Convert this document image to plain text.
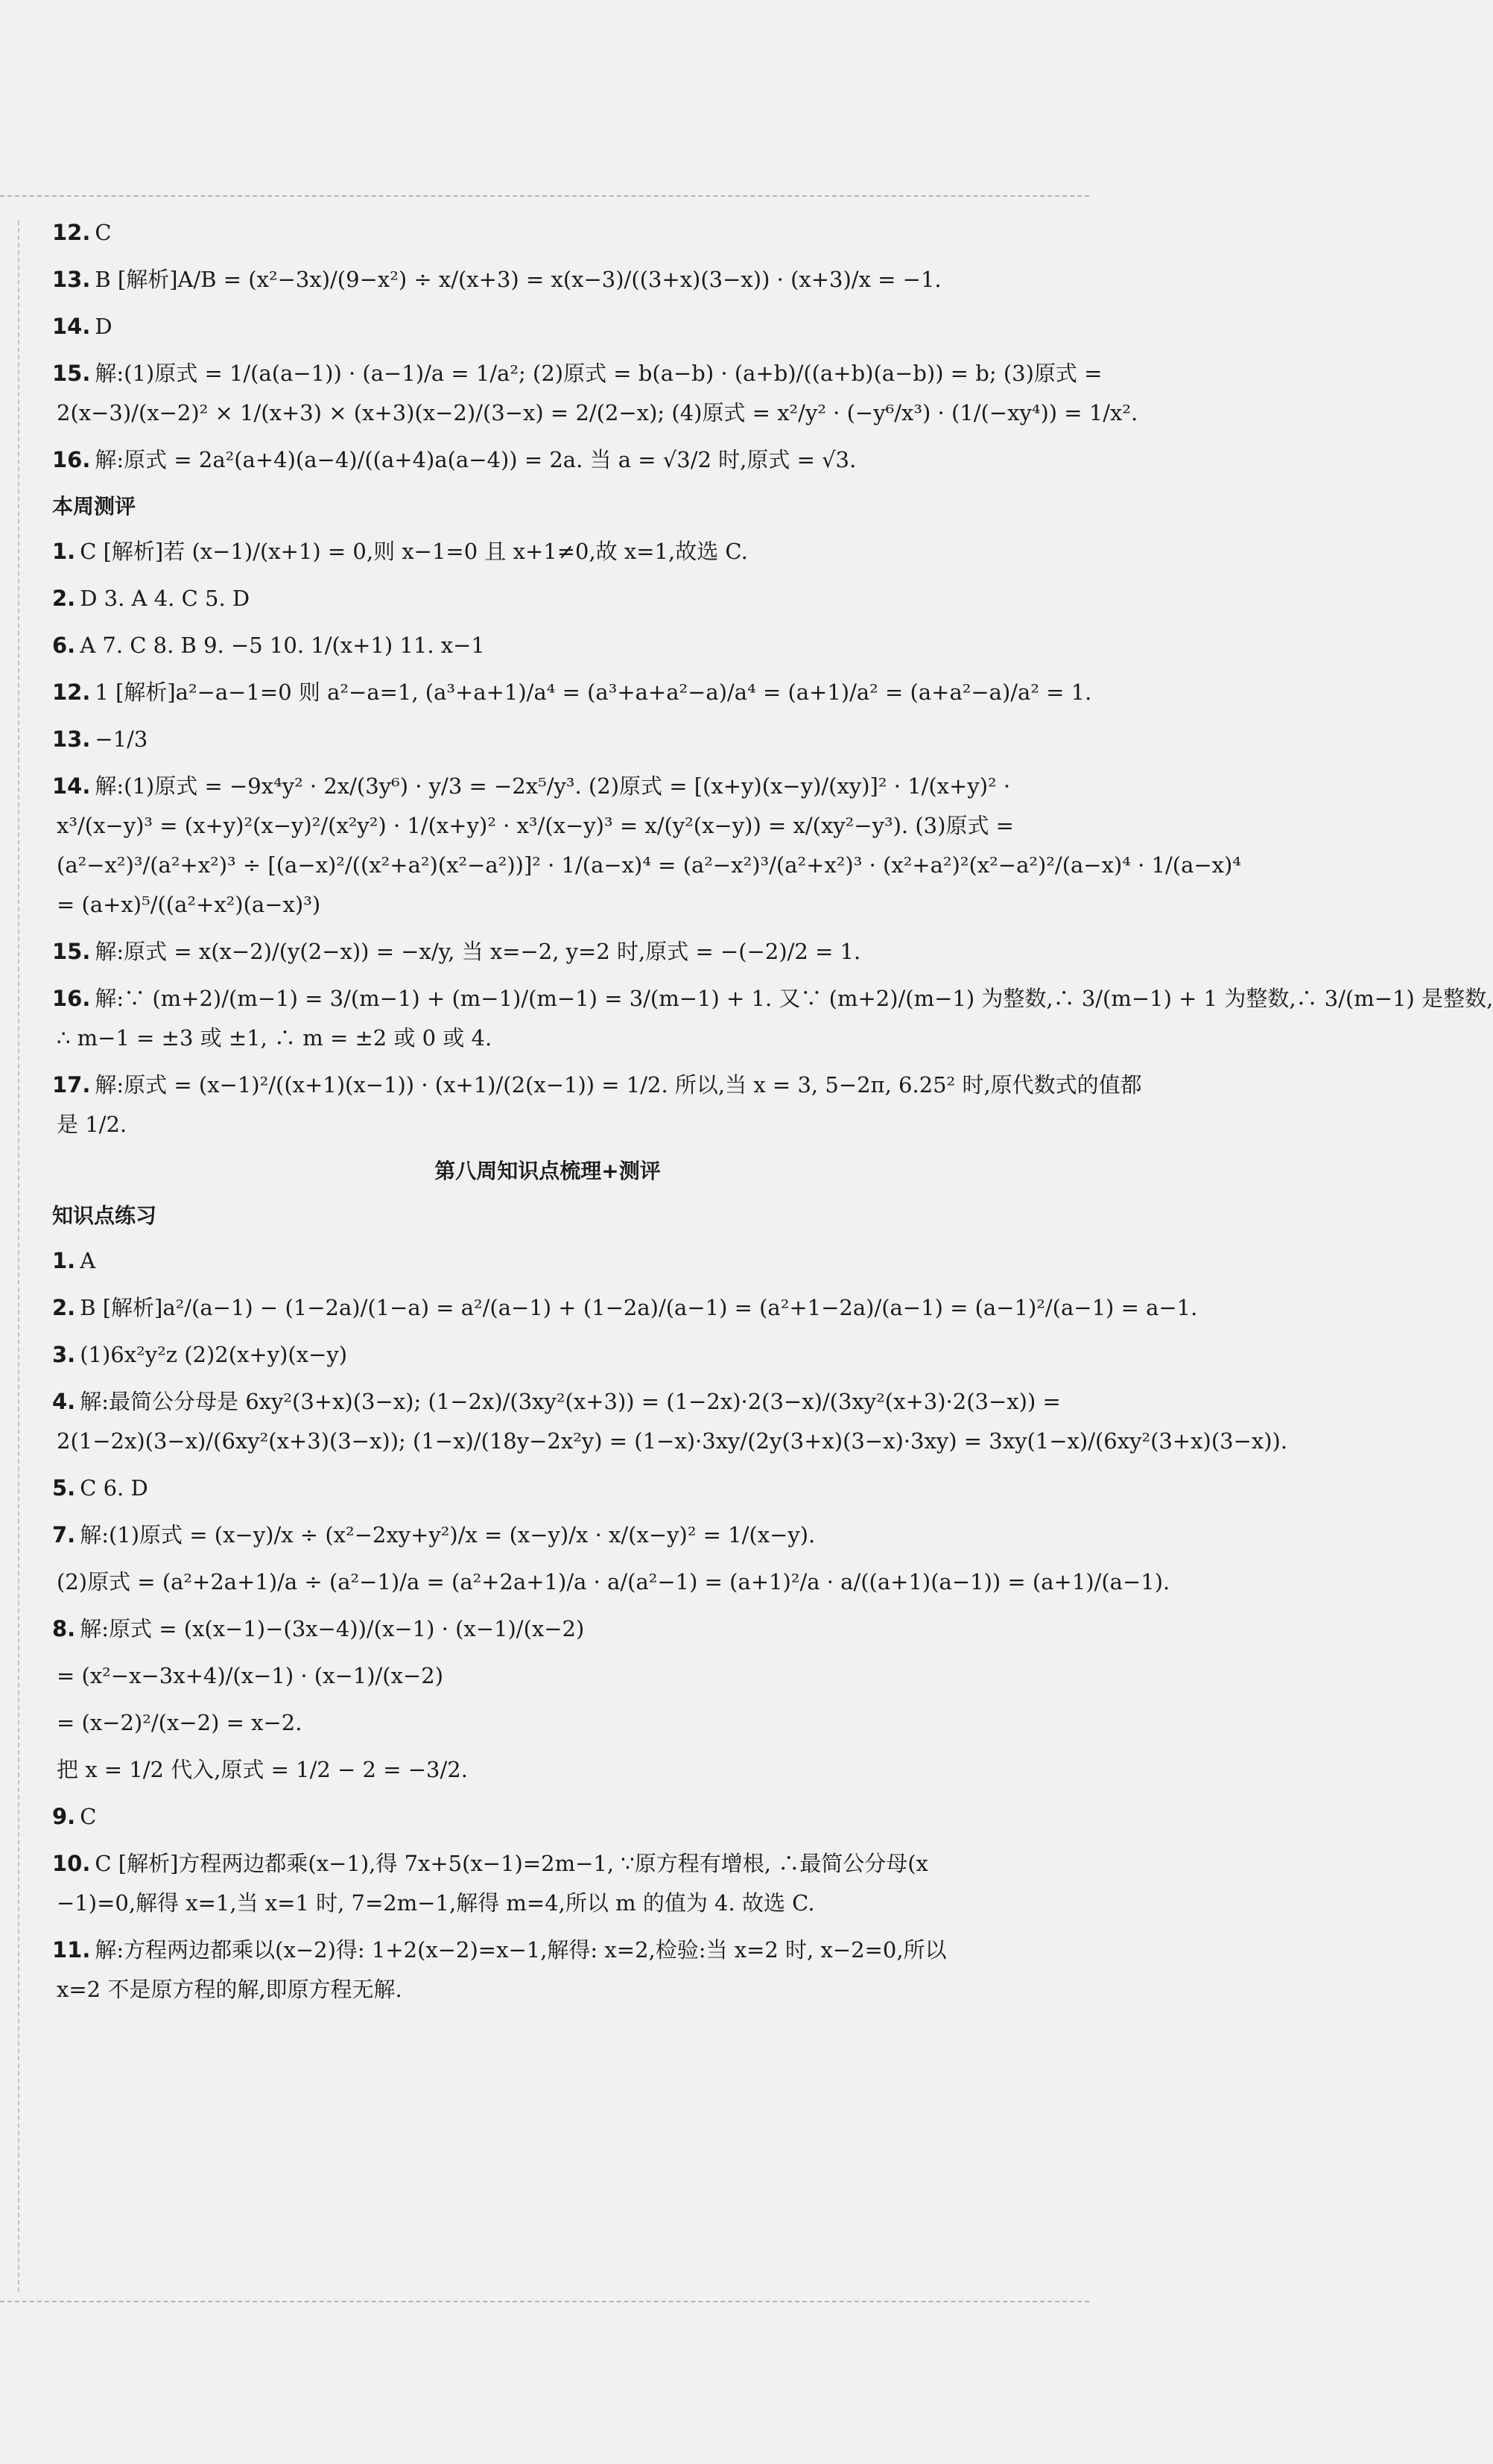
12. C
13. B [解析]A/B = (x²−3x)/(9−x²) ÷ x/(x+3) = x(x−3)/((3+x)(3−x)) · (x+3)/x = −1.
14. D
15. 解:(1)原式 = 1/(a(a−1)) · (a−1)/a = 1/a²; (2)原式 = b(a−b) · (a+b)/((a+b)(a−b)) = b; (3)原式 =
2(x−3)/(x−2)² × 1/(x+3) × (x+3)(x−2)/(3−x) = 2/(2−x); (4)原式 = x²/y² · (−y⁶/x³) · (1/(−xy⁴)) = 1/x².
16. 解:原式 = 2a²(a+4)(a−4)/((a+4)a(a−4)) = 2a. 当 a = √3/2 时,原式 = √3.
本周测评
1. C [解析]若 (x−1)/(x+1) = 0,则 x−1=0 且 x+1≠0,故 x=1,故选 C.
2. D 3. A 4. C 5. D
6. A 7. C 8. B 9. −5 10. 1/(x+1) 11. x−1
12. 1 [解析]a²−a−1=0 则 a²−a=1, (a³+a+1)/a⁴ = (a³+a+a²−a)/a⁴ = (a+1)/a² = (a+a²−a)/a² = 1.
13. −1/3
14. 解:(1)原式 = −9x⁴y² · 2x/(3y⁶) · y/3 = −2x⁵/y³. (2)原式 = [(x+y)(x−y)/(xy)]² · 1/(x+y)² ·
x³/(x−y)³ = (x+y)²(x−y)²/(x²y²) · 1/(x+y)² · x³/(x−y)³ = x/(y²(x−y)) = x/(xy²−y³). (3)原式 =
(a²−x²)³/(a²+x²)³ ÷ [(a−x)²/((x²+a²)(x²−a²))]² · 1/(a−x)⁴ = (a²−x²)³/(a²+x²)³ · (x²+a²)²(x²−a²)²/(a−x)⁴ · 1/(a−x)⁴
= (a+x)⁵/((a²+x²)(a−x)³)
15. 解:原式 = x(x−2)/(y(2−x)) = −x/y, 当 x=−2, y=2 时,原式 = −(−2)/2 = 1.
16. 解:∵ (m+2)/(m−1) = 3/(m−1) + (m−1)/(m−1) = 3/(m−1) + 1. 又∵ (m+2)/(m−1) 为整数,∴ 3/(m−1) + 1 为整数,∴ 3/(m−1) 是整数,
∴ m−1 = ±3 或 ±1, ∴ m = ±2 或 0 或 4.
17. 解:原式 = (x−1)²/((x+1)(x−1)) · (x+1)/(2(x−1)) = 1/2. 所以,当 x = 3, 5−2π, 6.25² 时,原代数式的值都
是 1/2.
第八周知识点梳理+测评
知识点练习
1. A
2. B [解析]a²/(a−1) − (1−2a)/(1−a) = a²/(a−1) + (1−2a)/(a−1) = (a²+1−2a)/(a−1) = (a−1)²/(a−1) = a−1.
3. (1)6x²y²z (2)2(x+y)(x−y)
4. 解:最简公分母是 6xy²(3+x)(3−x); (1−2x)/(3xy²(x+3)) = (1−2x)·2(3−x)/(3xy²(x+3)·2(3−x)) =
2(1−2x)(3−x)/(6xy²(x+3)(3−x)); (1−x)/(18y−2x²y) = (1−x)·3xy/(2y(3+x)(3−x)·3xy) = 3xy(1−x)/(6xy²(3+x)(3−x)).
5. C 6. D
7. 解:(1)原式 = (x−y)/x ÷ (x²−2xy+y²)/x = (x−y)/x · x/(x−y)² = 1/(x−y).
(2)原式 = (a²+2a+1)/a ÷ (a²−1)/a = (a²+2a+1)/a · a/(a²−1) = (a+1)²/a · a/((a+1)(a−1)) = (a+1)/(a−1).
8. 解:原式 = (x(x−1)−(3x−4))/(x−1) · (x−1)/(x−2)
= (x²−x−3x+4)/(x−1) · (x−1)/(x−2)
= (x−2)²/(x−2) = x−2.
把 x = 1/2 代入,原式 = 1/2 − 2 = −3/2.
9. C
10. C [解析]方程两边都乘(x−1),得 7x+5(x−1)=2m−1, ∵原方程有增根, ∴最简公分母(x
−1)=0,解得 x=1,当 x=1 时, 7=2m−1,解得 m=4,所以 m 的值为 4. 故选 C.
11. 解:方程两边都乘以(x−2)得: 1+2(x−2)=x−1,解得: x=2,检验:当 x=2 时, x−2=0,所以
x=2 不是原方程的解,即原方程无解.
